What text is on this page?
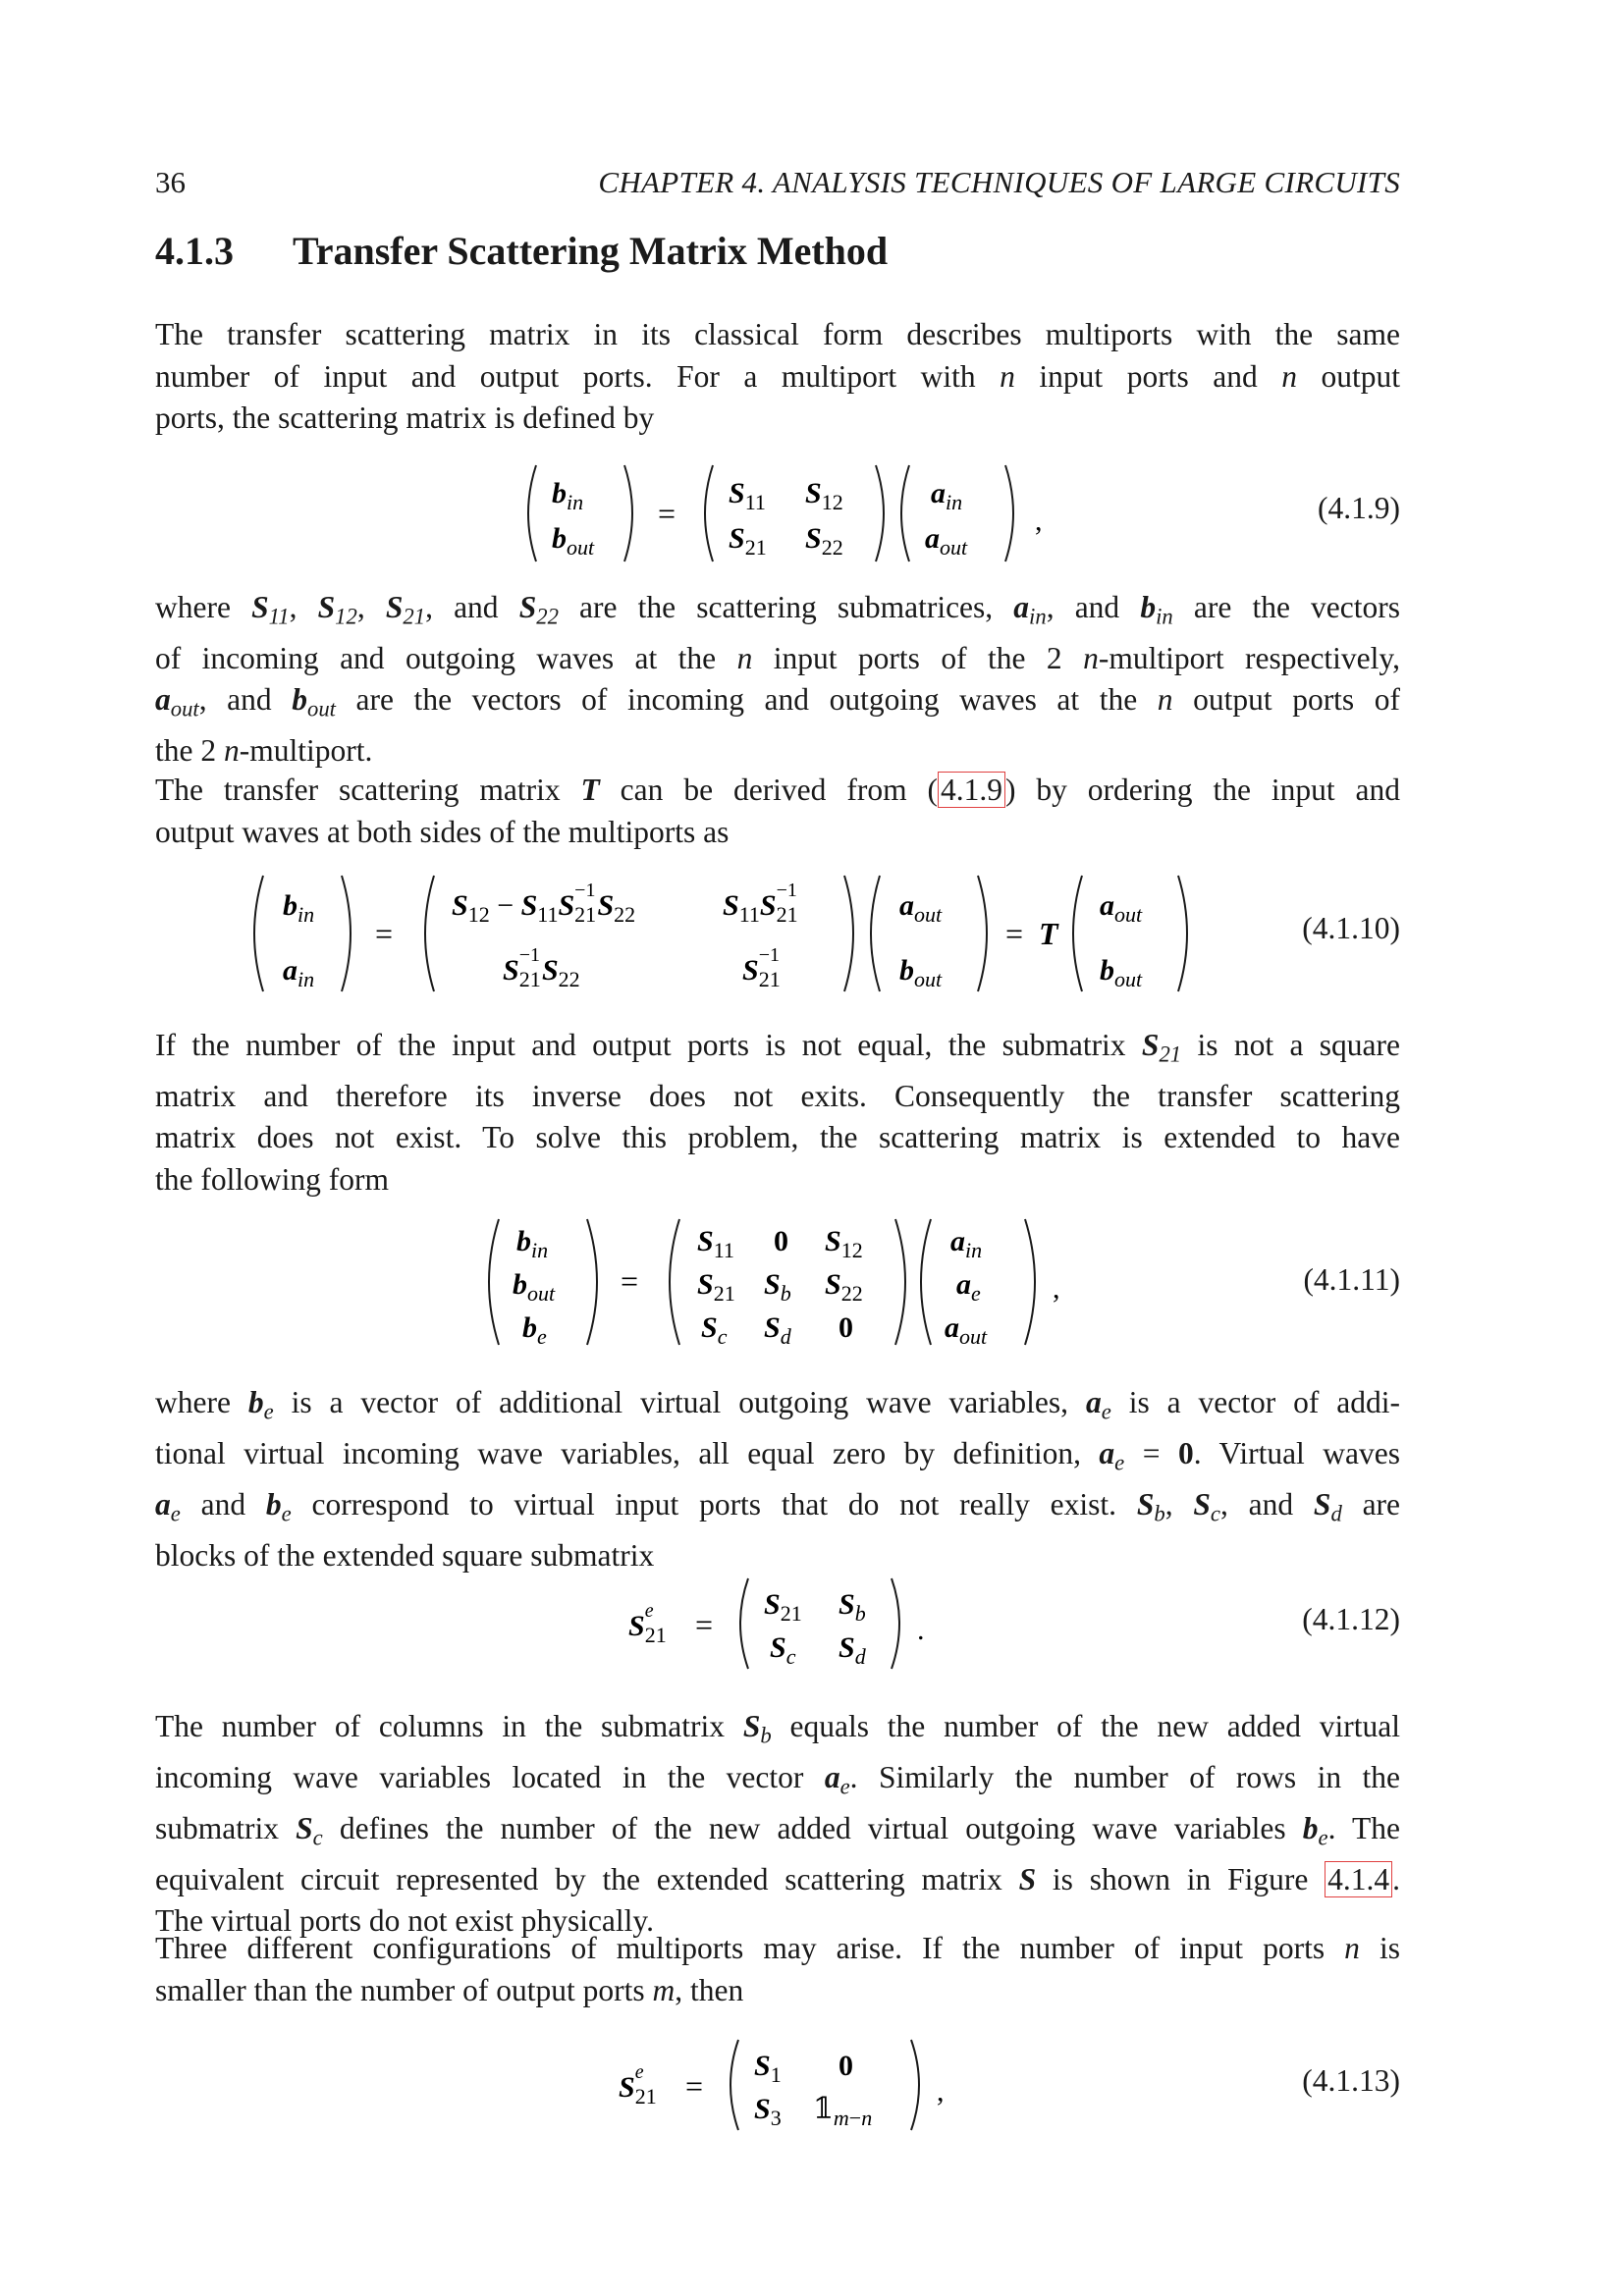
36	CHAPTER 4. ANALYSIS TECHNIQUES OF LARGE CIRCUITS
4.1.3 Transfer Scattering Matrix Method

The transfer scattering matrix in its classical form describes multiports with the same
number of input and output ports. For a multiport with n input ports and n output
ports, the scattering matrix is defined by

$b_{in}$
$b_{out}$
=
$S_{11}$ $S_{12}$
$S_{21}$ $S_{22}$
$a_{in}$
$a_{out}$
,	(4.1.9)

where $S_{11}$, $S_{12}$, $S_{21}$, and $S_{22}$ are the scattering submatrices, $a_{in}$, and $b_{in}$ are the vectors
of incoming and outgoing waves at the n input ports of the 2 n-multiport respectively,
$a_{out}$, and $b_{out}$ are the vectors of incoming and outgoing waves at the n output ports of
the 2 n-multiport.

The transfer scattering matrix T can be derived from (4.1.9) by ordering the input and
output waves at both sides of the multiports as

$b_{in}$
$a_{in}$
=
$S_{12} - S_{11}S_{21}-1S_{22}$	$S_{11}S_{21}-1$
$S_{21}-1S_{22}$	$S_{21}-1$
$a_{out}$
$b_{out}$
= T
$a_{out}$
$b_{out}$
(4.1.10)

If the number of the input and output ports is not equal, the submatrix $S_{21}$ is not a square
matrix and therefore its inverse does not exits. Consequently the transfer scattering
matrix does not exist. To solve this problem, the scattering matrix is extended to have
the following form

$b_{in}$
$b_{out}$
$b_e$
=
$S_{11}$ 0 $S_{12}$
$S_{21}$ $S_b$ $S_{22}$
$S_c$ $S_d$ 0
$a_{in}$
$a_e$
$a_{out}$
,	(4.1.11)

where $b_e$ is a vector of additional virtual outgoing wave variables, $a_e$ is a vector of addi-
tional virtual incoming wave variables, all equal zero by definition, $a_e = 0$. Virtual waves
$a_e$ and $b_e$ correspond to virtual input ports that do not really exist. $S_b$, $S_c$, and $S_d$ are
blocks of the extended square submatrix

$S_{21}e$	=
$S_{21}$ $S_b$
$S_c$ $S_d$
.	(4.1.12)

The number of columns in the submatrix $S_b$ equals the number of the new added virtual
incoming wave variables located in the vector $a_e$. Similarly the number of rows in the
submatrix $S_c$ defines the number of the new added virtual outgoing wave variables $b_e$. The
equivalent circuit represented by the extended scattering matrix S is shown in Figure 4.1.4.
The virtual ports do not exist physically.

Three different configurations of multiports may arise. If the number of input ports n is
smaller than the number of output ports m, then

$S_{21}e$	=
$S_1$ 0
$S_3$ $𝟙_m-n$
,	(4.1.13)
